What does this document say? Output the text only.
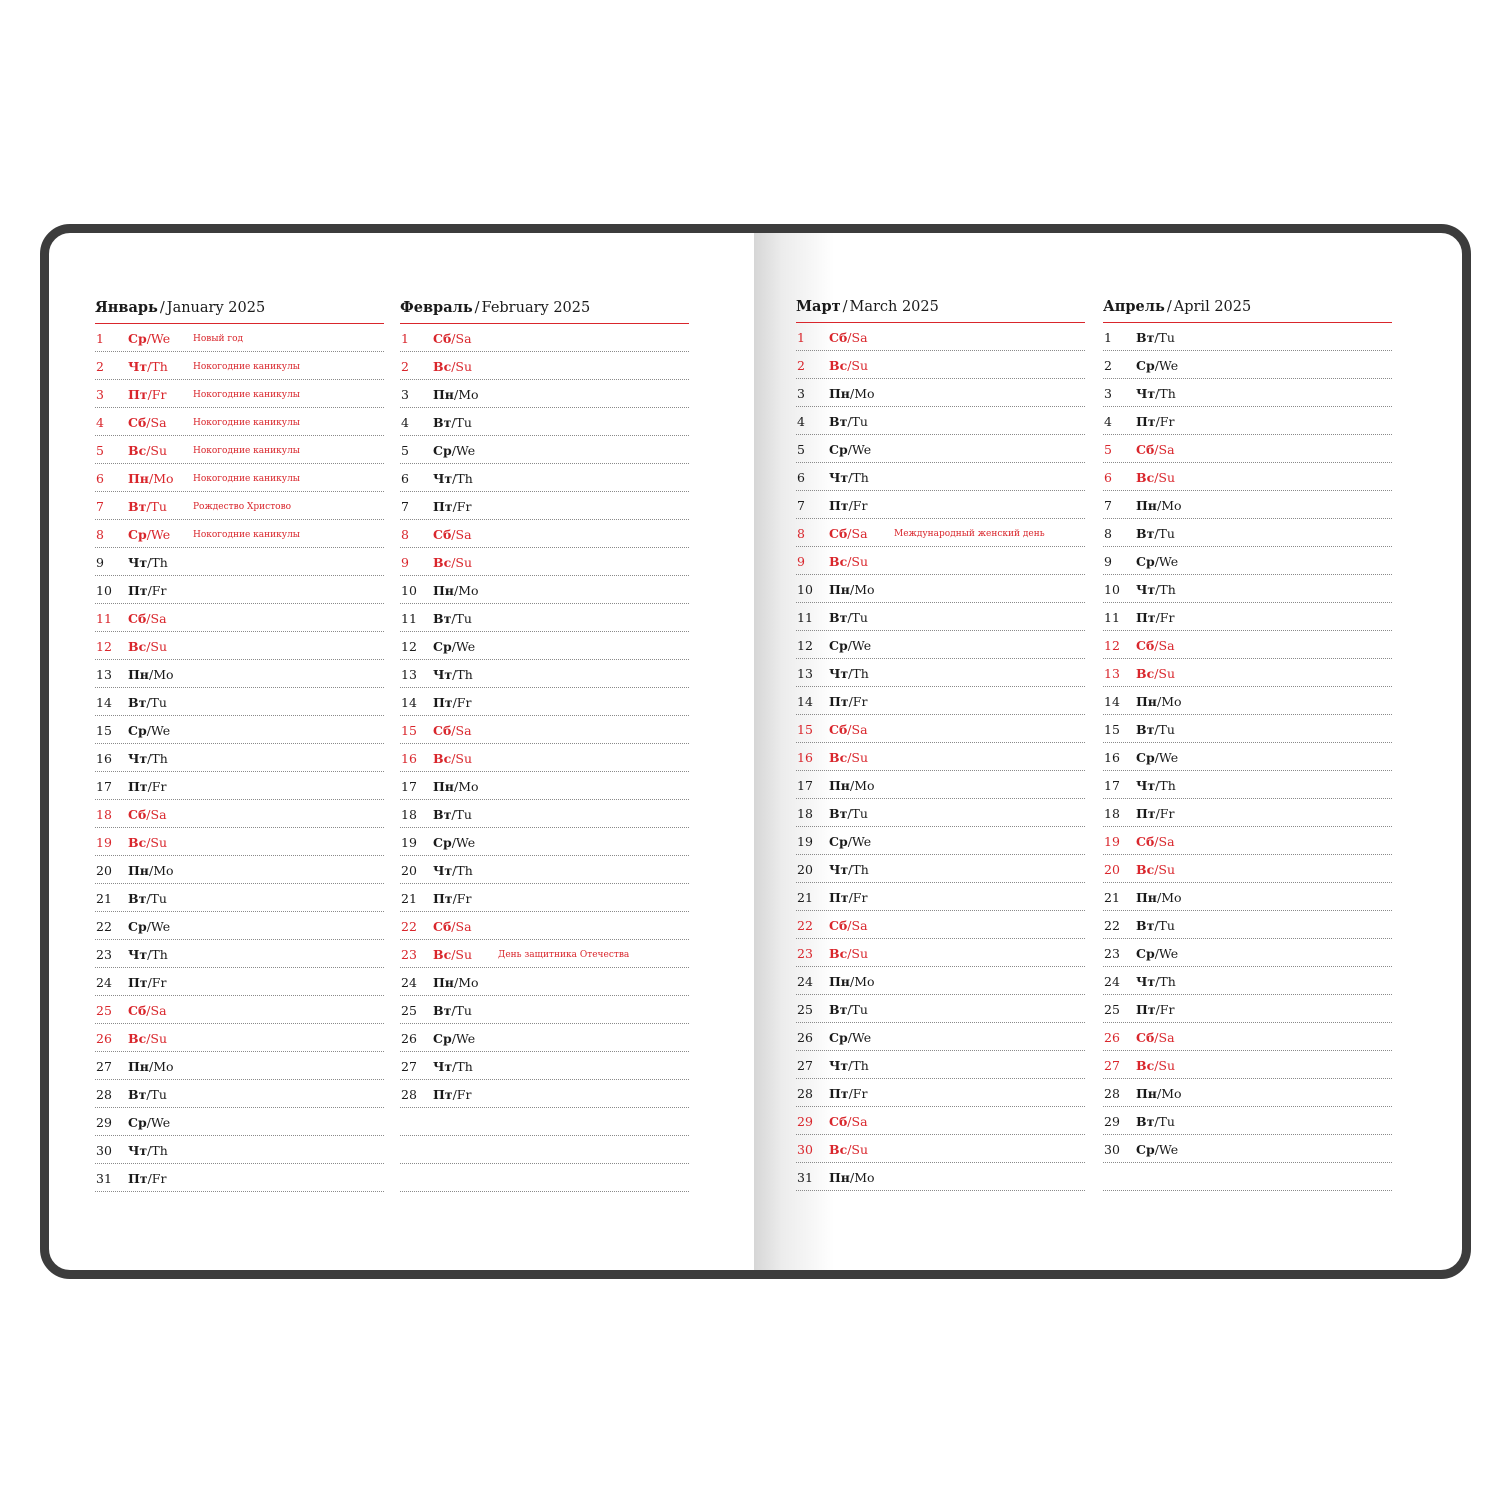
Январь / January 2025
1 Ср/We	Новый год
2 Чт/Th	Нокогодние каникулы
3 Пт/Fr	Нокогодние каникулы
4 Сб/Sa	Нокогодние каникулы
5 Вс/Su	Нокогодние каникулы
6 Пн/Mo Нокогодние каникулы
7 Вт/Tu	Рождество Христово
8 Ср/We	Нокогодние каникулы
9 Чт/Th
10 Пт/Fr
11 Сб/Sa
12 Вс/Su
13 Пн/Mo
14 Вт/Tu
15 Ср/We
16 Чт/Th
17 Пт/Fr
18 Сб/Sa
19 Вс/Su
20 Пн/Mo
21 Вт/Tu
22 Ср/We
23 Чт/Th
24 Пт/Fr
25 Сб/Sa
26 Вс/Su
27 Пн/Mo
28 Вт/Tu
29 Ср/We
30 Чт/Th
31 Пт/Fr
Февраль / February 2025
1 Сб/Sa
2 Вс/Su
3 Пн/Mo
4 Вт/Tu
5 Ср/We
6 Чт/Th
7 Пт/Fr
8 Сб/Sa
9 Вс/Su
10 Пн/Mo
11 Вт/Tu
12 Ср/We
13 Чт/Th
14 Пт/Fr
15 Сб/Sa
16 Вс/Su
17 Пн/Mo
18 Вт/Tu
19 Ср/We
20 Чт/Th
21 Пт/Fr
22 Сб/Sa
23 Вс/Su	День защитника Отечества
24 Пн/Mo
25 Вт/Tu
26 Ср/We
27 Чт/Th
28 Пт/Fr
Март / March 2025
1 Сб/Sa
2 Вс/Su
3 Пн/Mo
4 Вт/Tu
5 Ср/We
6 Чт/Th
7 Пт/Fr
8 Сб/Sa	Международный женский день
9 Вс/Su
10 Пн/Mo
11 Вт/Tu
12 Ср/We
13 Чт/Th
14 Пт/Fr
15 Сб/Sa
16 Вс/Su
17 Пн/Mo
18 Вт/Tu
19 Ср/We
20 Чт/Th
21 Пт/Fr
22 Сб/Sa
23 Вс/Su
24 Пн/Mo
25 Вт/Tu
26 Ср/We
27 Чт/Th
28 Пт/Fr
29 Сб/Sa
30 Вс/Su
31 Пн/Mo
Апрель / April 2025
1 Вт/Tu
2 Ср/We
3 Чт/Th
4 Пт/Fr
5 Сб/Sa
6 Вс/Su
7 Пн/Mo
8 Вт/Tu
9 Ср/We
10 Чт/Th
11 Пт/Fr
12 Сб/Sa
13 Вс/Su
14 Пн/Mo
15 Вт/Tu
16 Ср/We
17 Чт/Th
18 Пт/Fr
19 Сб/Sa
20 Вс/Su
21 Пн/Mo
22 Вт/Tu
23 Ср/We
24 Чт/Th
25 Пт/Fr
26 Сб/Sa
27 Вс/Su
28 Пн/Mo
29 Вт/Tu
30 Ср/We
